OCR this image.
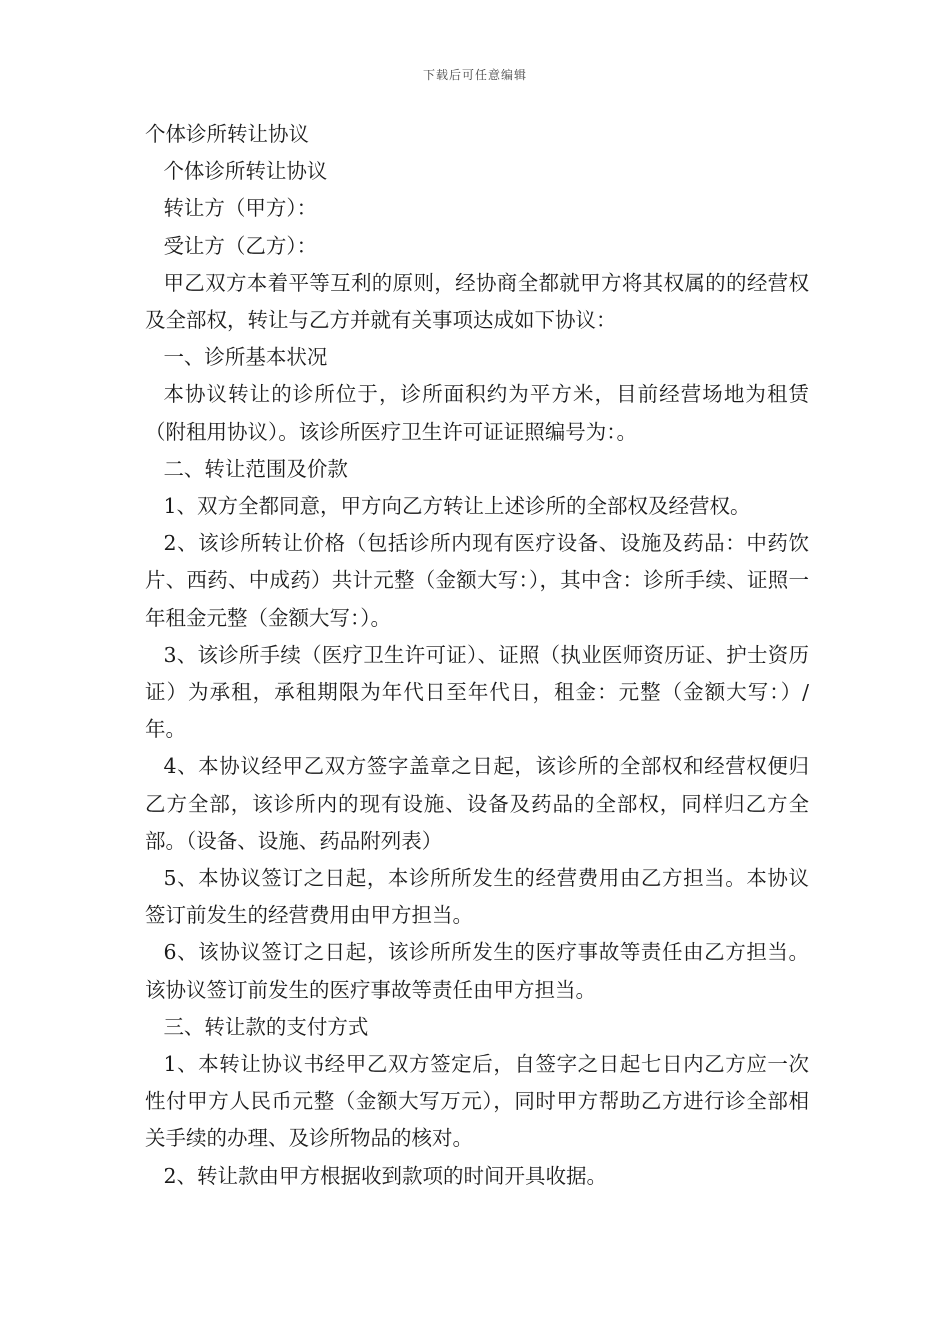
下载后可任意编辑

个体诊所转让协议

个体诊所转让协议

转让方（甲方）：

受让方（乙方）：

甲乙双方本着平等互利的原则，经协商全都就甲方将其权属的的经营权及全部权，转让与乙方并就有关事项达成如下协议：

一、诊所基本状况

本协议转让的诊所位于，诊所面积约为平方米，目前经营场地为租赁（附租用协议）。该诊所医疗卫生许可证证照编号为：。

二、转让范围及价款

1、双方全都同意，甲方向乙方转让上述诊所的全部权及经营权。

2、该诊所转让价格（包括诊所内现有医疗设备、设施及药品：中药饮片、西药、中成药）共计元整（金额大写：），其中含：诊所手续、证照一年租金元整（金额大写：）。

3、该诊所手续（医疗卫生许可证）、证照（执业医师资历证、护士资历证）为承租，承租期限为年代日至年代日，租金：元整（金额大写：）/年。

4、本协议经甲乙双方签字盖章之日起，该诊所的全部权和经营权便归乙方全部，该诊所内的现有设施、设备及药品的全部权，同样归乙方全部。（设备、设施、药品附列表）

5、本协议签订之日起，本诊所所发生的经营费用由乙方担当。本协议签订前发生的经营费用由甲方担当。

6、该协议签订之日起，该诊所所发生的医疗事故等责任由乙方担当。该协议签订前发生的医疗事故等责任由甲方担当。

三、转让款的支付方式

1、本转让协议书经甲乙双方签定后，自签字之日起七日内乙方应一次性付甲方人民币元整（金额大写万元），同时甲方帮助乙方进行诊全部相关手续的办理、及诊所物品的核对。

2、转让款由甲方根据收到款项的时间开具收据。
